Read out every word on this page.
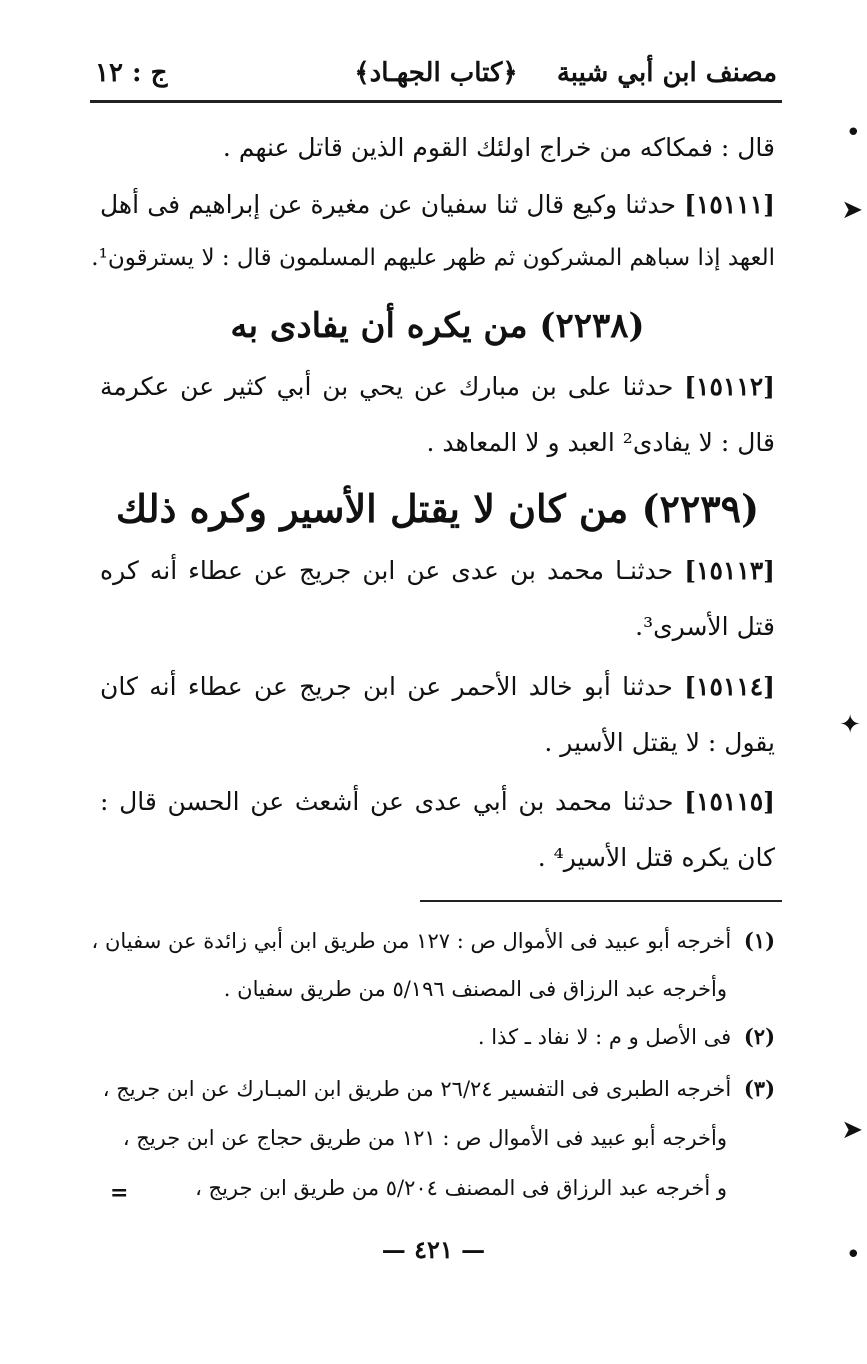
مصنف ابن أبي شيبة
﴿كتاب الجهـاد﴾
ج : ١٢
قال : فمكاكه من خراج اولئك القوم الذين قاتل عنهم .
[١٥١١١] حدثنا وكيع قال ثنا سفيان عن مغيرة عن إبراهيم فى أهل
العهد إذا سباهم المشركون ثم ظهر عليهم المسلمون قال : لا يسترقون¹.
(٢٢٣٨) من يكره أن يفادى به
[١٥١١٢] حدثنا على بن مبارك عن يحي بن أبي كثير عن عكرمة
قال : لا يفادى² العبد و لا المعاهد .
(٢٢٣٩) من كان لا يقتل الأسير وكره ذلك
[١٥١١٣] حدثنـا محمد بن عدى عن ابن جريج عن عطاء أنه كره
قتل الأسرى³.
[١٥١١٤] حدثنا أبو خالد الأحمر عن ابن جريج عن عطاء أنه كان
يقول : لا يقتل الأسير .
[١٥١١٥] حدثنا محمد بن أبي عدى عن أشعث عن الحسن قال :
كان يكره قتل الأسير⁴ .
(١) أخرجه أبو عبيد فى الأموال ص : ١٢٧ من طريق ابن أبي زائدة عن سفيان ،
وأخرجه عبد الرزاق فى المصنف ٥/١٩٦ من طريق سفيان .
(٢) فى الأصل و م : لا نفاد ـ كذا .
(٣) أخرجه الطبرى فى التفسير ٢٦/٢٤ من طريق ابن المبـارك عن ابن جريج ،
وأخرجه أبو عبيد فى الأموال ص : ١٢١ من طريق حجاج عن ابن جريج ،
و أخرجه عبد الرزاق فى المصنف ٥/٢٠٤ من طريق ابن جريج ،
=
— ٤٢١ —
•
➤
✦
➤
•
